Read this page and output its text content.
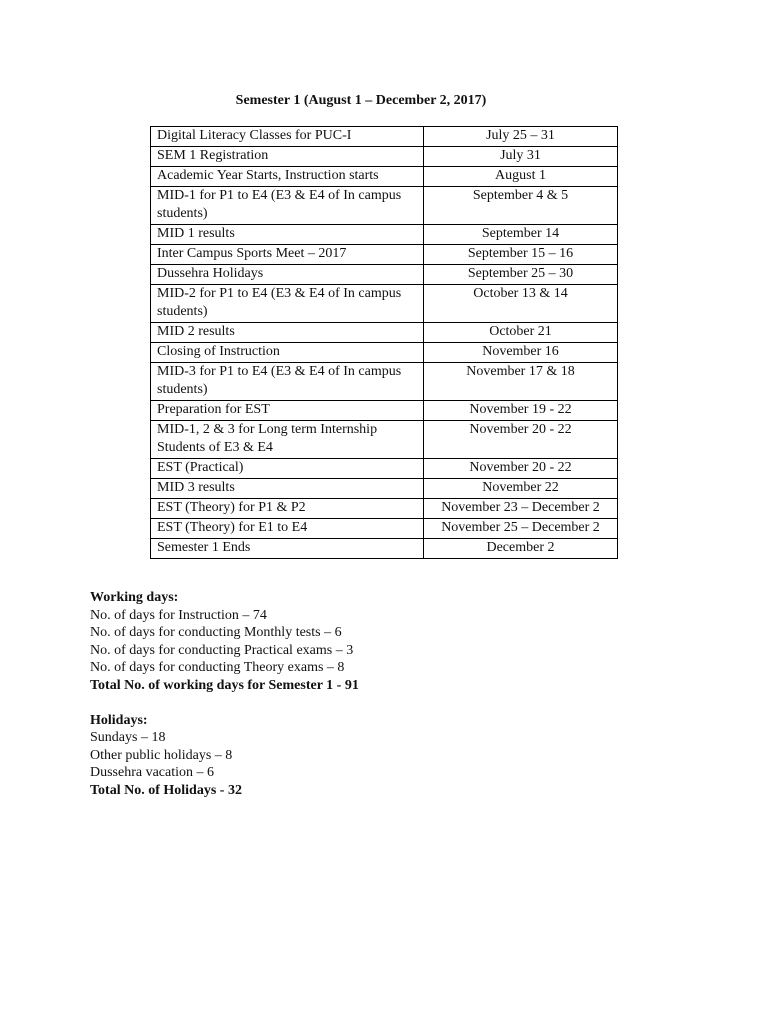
Semester 1 (August 1 – December 2, 2017)
Digital Literacy Classes for PUC-I	July 25 – 31
SEM 1 Registration	July 31
Academic Year Starts, Instruction starts	August 1
MID-1 for P1 to E4 (E3 & E4 of In campus students)	September 4 & 5
MID 1 results	September 14
Inter Campus Sports Meet – 2017	September 15 – 16
Dussehra Holidays	September 25 – 30
MID-2 for P1 to E4 (E3 & E4 of In campus students)	October 13 & 14
MID 2 results	October 21
Closing of Instruction	November 16
MID-3 for P1 to E4 (E3 & E4 of In campus students)	November 17 & 18
Preparation for EST	November 19 - 22
MID-1, 2 & 3 for Long term Internship Students of E3 & E4	November 20 - 22
EST (Practical)	November 20 - 22
MID 3 results	November 22
EST (Theory) for P1 & P2	November 23 – December 2
EST (Theory) for E1 to E4	November 25 – December 2
Semester 1 Ends	December 2
Working days:
No. of days for Instruction – 74
No. of days for conducting Monthly tests – 6
No. of days for conducting Practical exams – 3
No. of days for conducting Theory exams – 8
Total No. of working days for Semester 1 - 91
Holidays:
Sundays – 18
Other public holidays – 8
Dussehra vacation – 6
Total No. of Holidays - 32
